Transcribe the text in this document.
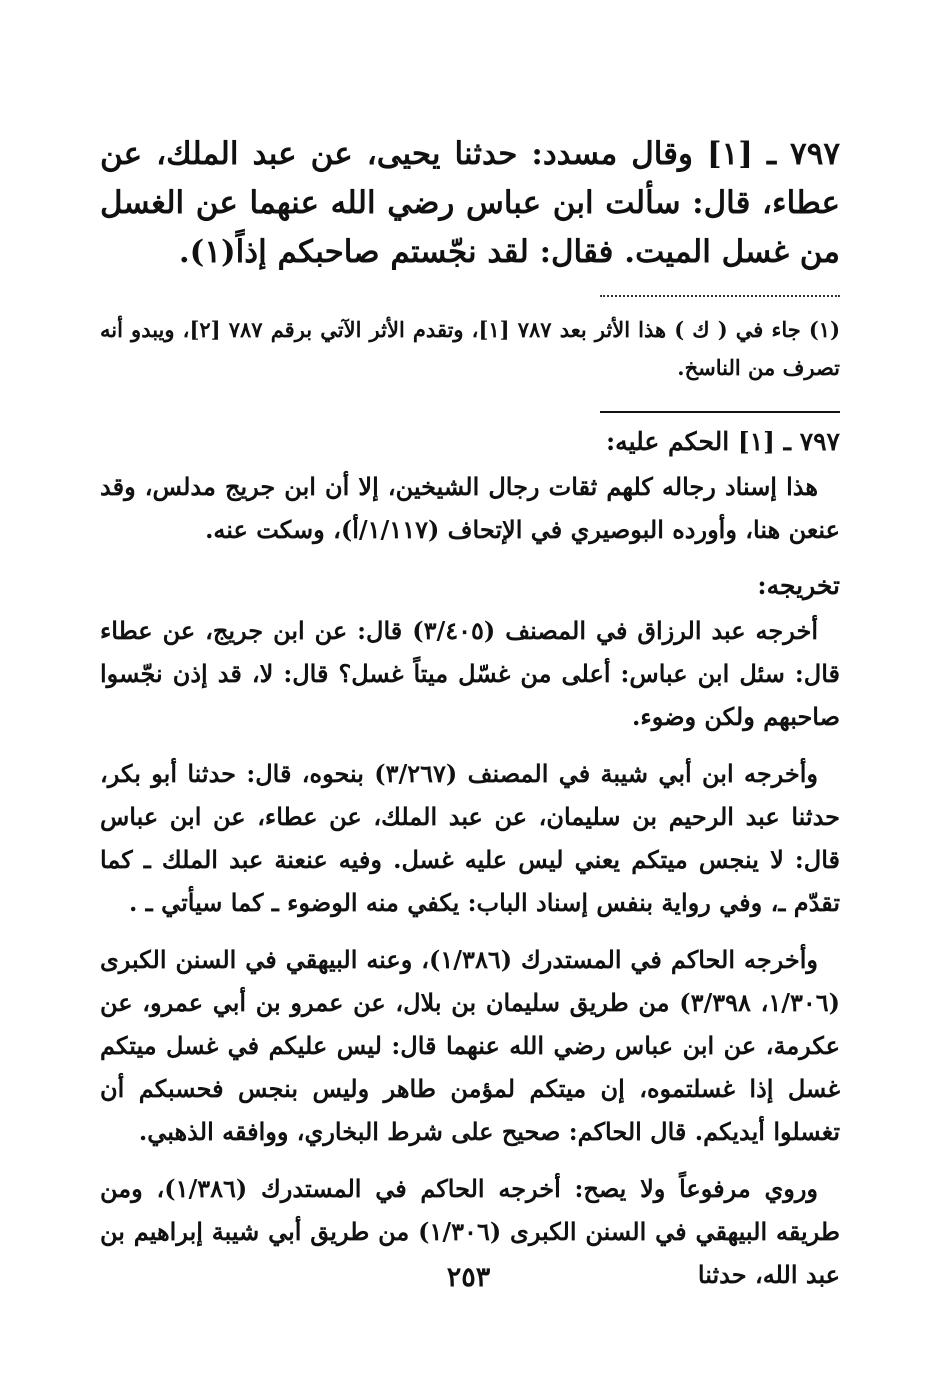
٧٩٧ ـ [١] وقال مسدد: حدثنا يحيى، عن عبد الملك، عن عطاء، قال: سألت ابن عباس رضي الله عنهما عن الغسل من غسل الميت. فقال: لقد نجّستم صاحبكم إذاً(١).

(١) جاء في ( ك ) هذا الأثر بعد ٧٨٧ [١]، وتقدم الأثر الآتي برقم ٧٨٧ [٢]، ويبدو أنه تصرف من الناسخ.

٧٩٧ ـ [١] الحكم عليه:

هذا إسناد رجاله كلهم ثقات رجال الشيخين، إلا أن ابن جريج مدلس، وقد عنعن هنا، وأورده البوصيري في الإتحاف (١/١١٧/أ)، وسكت عنه.

تخريجه:

أخرجه عبد الرزاق في المصنف (٣/٤٠٥) قال: عن ابن جريج، عن عطاء قال: سئل ابن عباس: أعلى من غسّل ميتاً غسل؟ قال: لا، قد إذن نجّسوا صاحبهم ولكن وضوء.

وأخرجه ابن أبي شيبة في المصنف (٣/٢٦٧) بنحوه، قال: حدثنا أبو بكر، حدثنا عبد الرحيم بن سليمان، عن عبد الملك، عن عطاء، عن ابن عباس قال: لا ينجس ميتكم يعني ليس عليه غسل. وفيه عنعنة عبد الملك ـ كما تقدّم ـ، وفي رواية بنفس إسناد الباب: يكفي منه الوضوء ـ كما سيأتي ـ .

وأخرجه الحاكم في المستدرك (١/٣٨٦)، وعنه البيهقي في السنن الكبرى (١/٣٠٦، ٣/٣٩٨) من طريق سليمان بن بلال، عن عمرو بن أبي عمرو، عن عكرمة، عن ابن عباس رضي الله عنهما قال: ليس عليكم في غسل ميتكم غسل إذا غسلتموه، إن ميتكم لمؤمن طاهر وليس بنجس فحسبكم أن تغسلوا أيديكم. قال الحاكم: صحيح على شرط البخاري، ووافقه الذهبي.

وروي مرفوعاً ولا يصح: أخرجه الحاكم في المستدرك (١/٣٨٦)، ومن طريقه البيهقي في السنن الكبرى (١/٣٠٦) من طريق أبي شيبة إبراهيم بن عبد الله، حدثنا

٢٥٣
